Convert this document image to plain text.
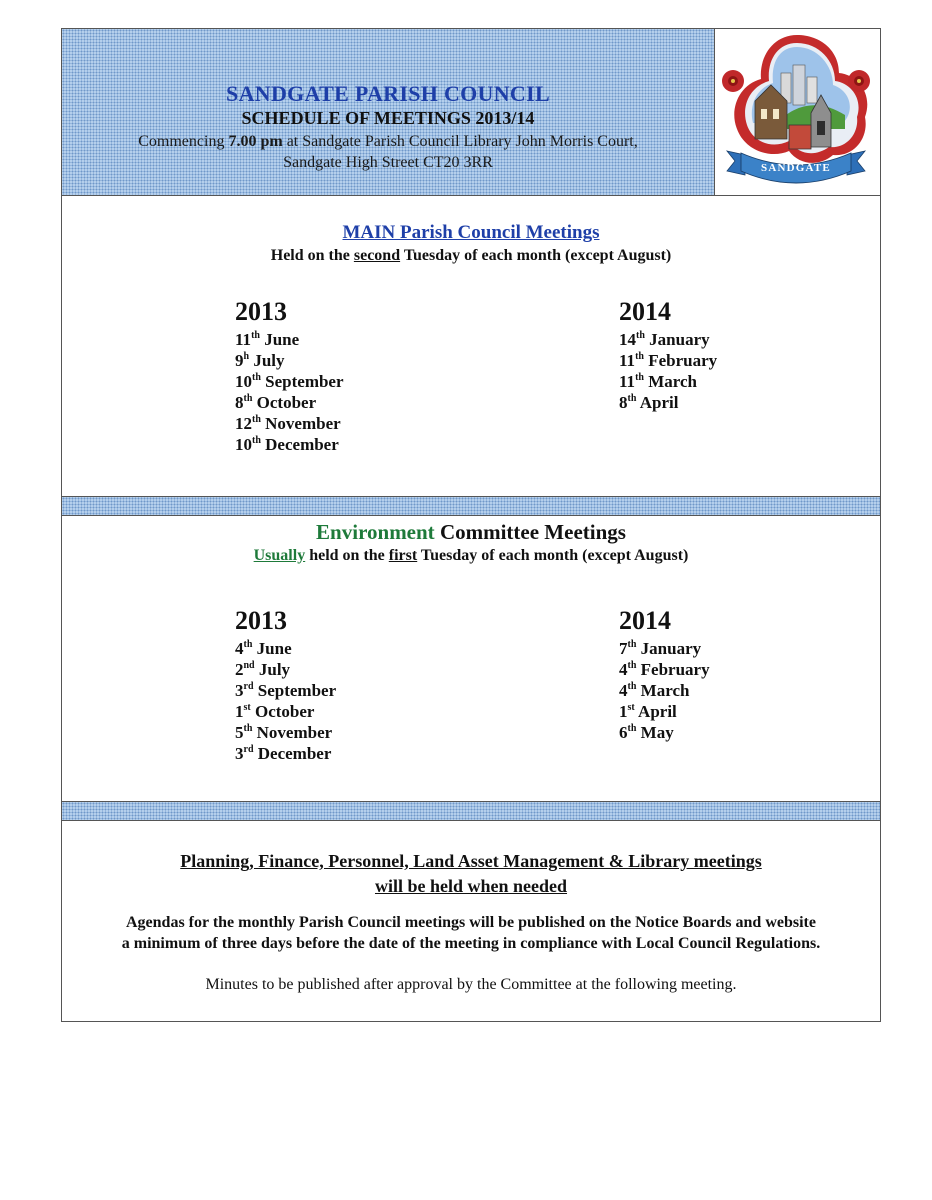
SANDGATE PARISH COUNCIL
SCHEDULE OF MEETINGS 2013/14
Commencing 7.00 pm at Sandgate Parish Council Library John Morris Court,
Sandgate High Street CT20 3RR	SANDGATE
MAIN Parish Council Meetings
Held on the second Tuesday of each month (except August)
2013
11th June
9$^h$ July
10th September
8th October
12th November
10th December
2014
14th January
11th February
11th March
8th April
Environment Committee Meetings
Usually held on the first Tuesday of each month (except August)
2013
4th June
2nd July
3rd September
1st October
5th November
3rd December
2014
7th January
4th February
4th March
1st April
6th May
Planning, Finance, Personnel, Land Asset Management & Library meetings
will be held when needed
Agendas for the monthly Parish Council meetings will be published on the Notice Boards and website
a minimum of three days before the date of the meeting in compliance with Local Council Regulations.
Minutes to be published after approval by the Committee at the following meeting.
